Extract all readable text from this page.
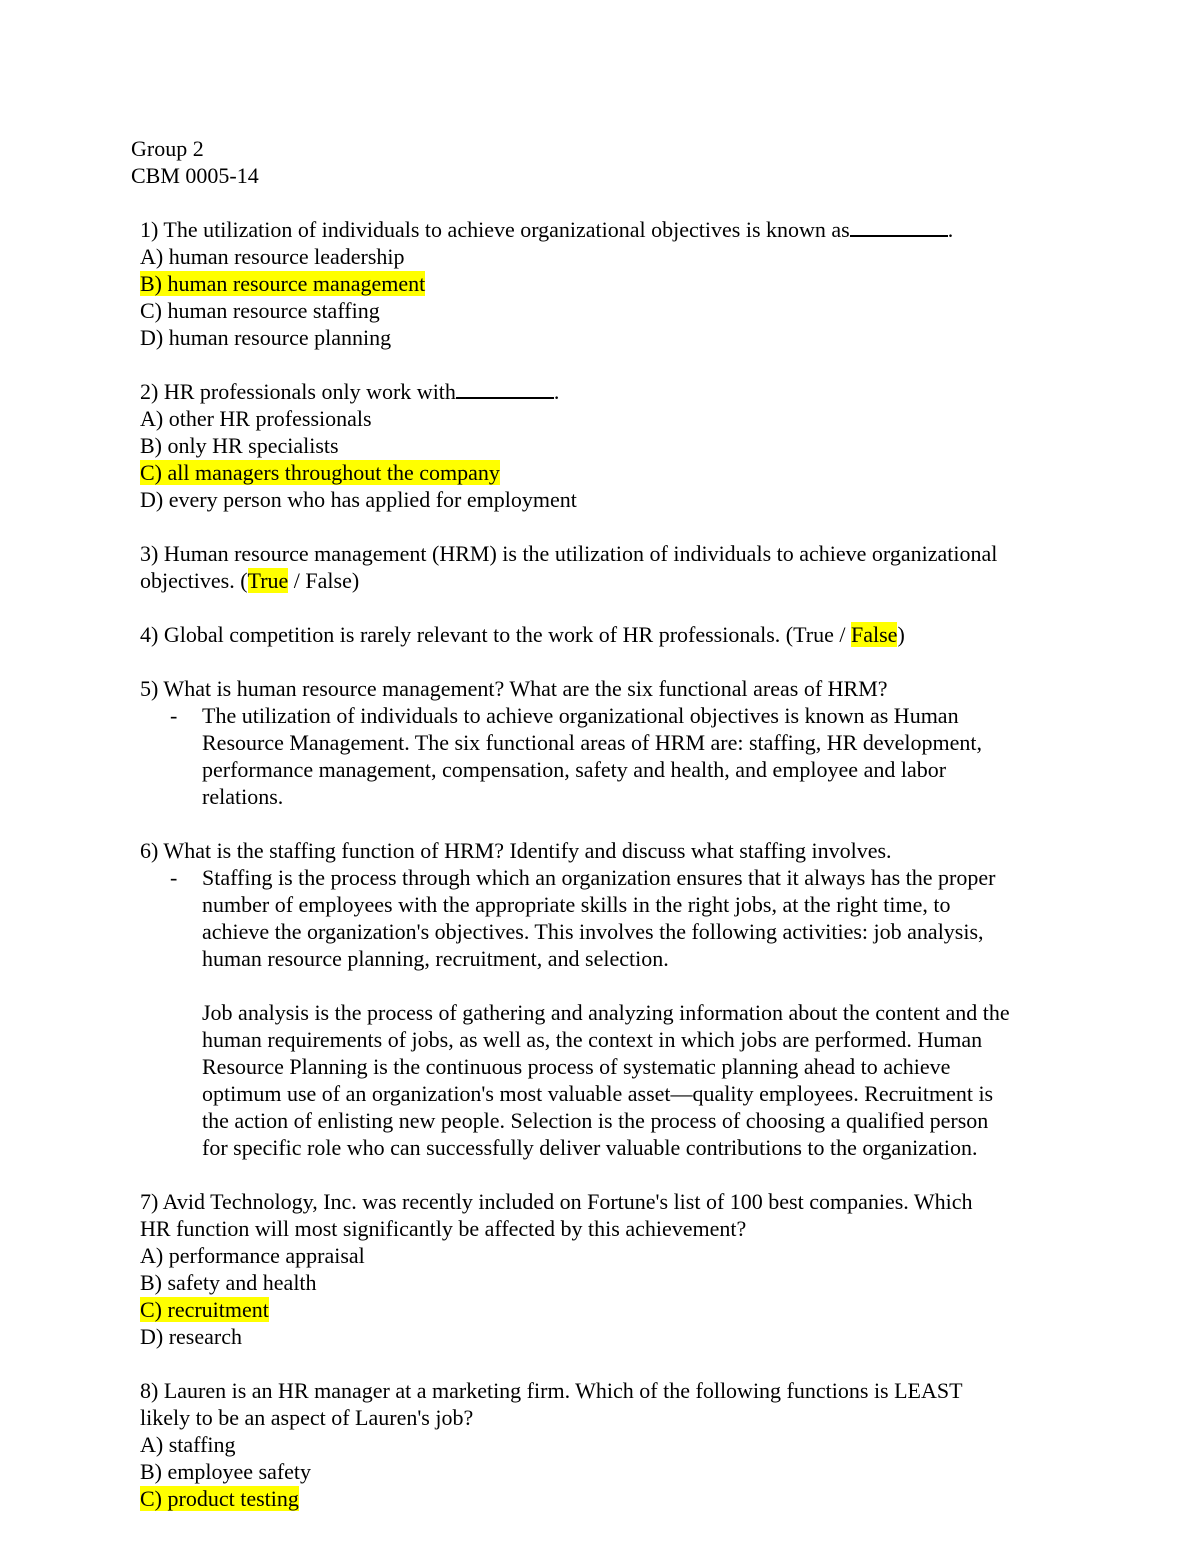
Group 2
CBM 0005-14
1) The utilization of individuals to achieve organizational objectives is known as	.
A) human resource leadership
B) human resource management
C) human resource staffing
D) human resource planning
2) HR professionals only work with	.
A) other HR professionals
B) only HR specialists
C) all managers throughout the company
D) every person who has applied for employment
3) Human resource management (HRM) is the utilization of individuals to achieve organizational
objectives. (True / False)
4) Global competition is rarely relevant to the work of HR professionals. (True / False)
5) What is human resource management? What are the six functional areas of HRM?
- The utilization of individuals to achieve organizational objectives is known as Human
Resource Management. The six functional areas of HRM are: staffing, HR development,
performance management, compensation, safety and health, and employee and labor
relations.
6) What is the staffing function of HRM? Identify and discuss what staffing involves.
- Staffing is the process through which an organization ensures that it always has the proper
number of employees with the appropriate skills in the right jobs, at the right time, to
achieve the organization's objectives. This involves the following activities: job analysis,
human resource planning, recruitment, and selection.
Job analysis is the process of gathering and analyzing information about the content and the
human requirements of jobs, as well as, the context in which jobs are performed. Human
Resource Planning is the continuous process of systematic planning ahead to achieve
optimum use of an organization's most valuable asset—quality employees. Recruitment is
the action of enlisting new people. Selection is the process of choosing a qualified person
for specific role who can successfully deliver valuable contributions to the organization.
7) Avid Technology, Inc. was recently included on Fortune's list of 100 best companies. Which
HR function will most significantly be affected by this achievement?
A) performance appraisal
B) safety and health
C) recruitment
D) research
8) Lauren is an HR manager at a marketing firm. Which of the following functions is LEAST
likely to be an aspect of Lauren's job?
A) staffing
B) employee safety
C) product testing
